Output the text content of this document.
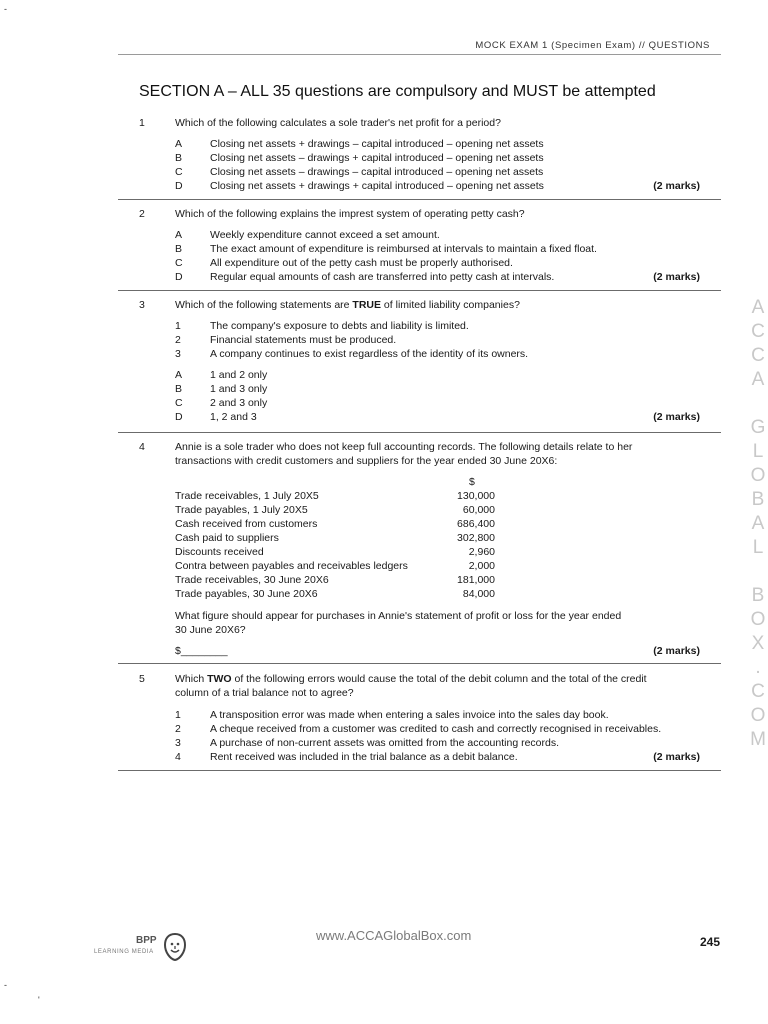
-
-
'
MOCK EXAM 1 (Specimen Exam) // QUESTIONS
SECTION A – ALL 35 questions are compulsory and MUST be attempted
1	Which of the following calculates a sole trader's net profit for a period?
A	Closing net assets + drawings – capital introduced – opening net assets
B	Closing net assets – drawings + capital introduced – opening net assets
C	Closing net assets – drawings – capital introduced – opening net assets
D	Closing net assets + drawings + capital introduced – opening net assets	(2 marks)
2	Which of the following explains the imprest system of operating petty cash?
A	Weekly expenditure cannot exceed a set amount.
B	The exact amount of expenditure is reimbursed at intervals to maintain a fixed float.
C	All expenditure out of the petty cash must be properly authorised.
D	Regular equal amounts of cash are transferred into petty cash at intervals.	(2 marks)
3	Which of the following statements are TRUE of limited liability companies?
1	The company's exposure to debts and liability is limited.
2	Financial statements must be produced.
3	A company continues to exist regardless of the identity of its owners.
A	1 and 2 only
B	1 and 3 only
C	2 and 3 only
D	1, 2 and 3	(2 marks)
4	Annie is a sole trader who does not keep full accounting records. The following details relate to her
transactions with credit customers and suppliers for the year ended 30 June 20X6:
$
Trade receivables, 1 July 20X5	130,000
Trade payables, 1 July 20X5	60,000
Cash received from customers	686,400
Cash paid to suppliers	302,800
Discounts received	2,960
Contra between payables and receivables ledgers	2,000
Trade receivables, 30 June 20X6	181,000
Trade payables, 30 June 20X6	84,000
What figure should appear for purchases in Annie's statement of profit or loss for the year ended
30 June 20X6?
$________	(2 marks)
5	Which TWO of the following errors would cause the total of the debit column and the total of the credit
column of a trial balance not to agree?
1	A transposition error was made when entering a sales invoice into the sales day book.
2	A cheque received from a customer was credited to cash and correctly recognised in receivables.
3	A purchase of non-current assets was omitted from the accounting records.
4	Rent received was included in the trial balance as a debit balance.	(2 marks)
A
C
C
A

G
L
O
B
A
L

B
O
X
.
C
O
M
BPP
LEARNING MEDIA
www.ACCAGlobalBox.com	245
